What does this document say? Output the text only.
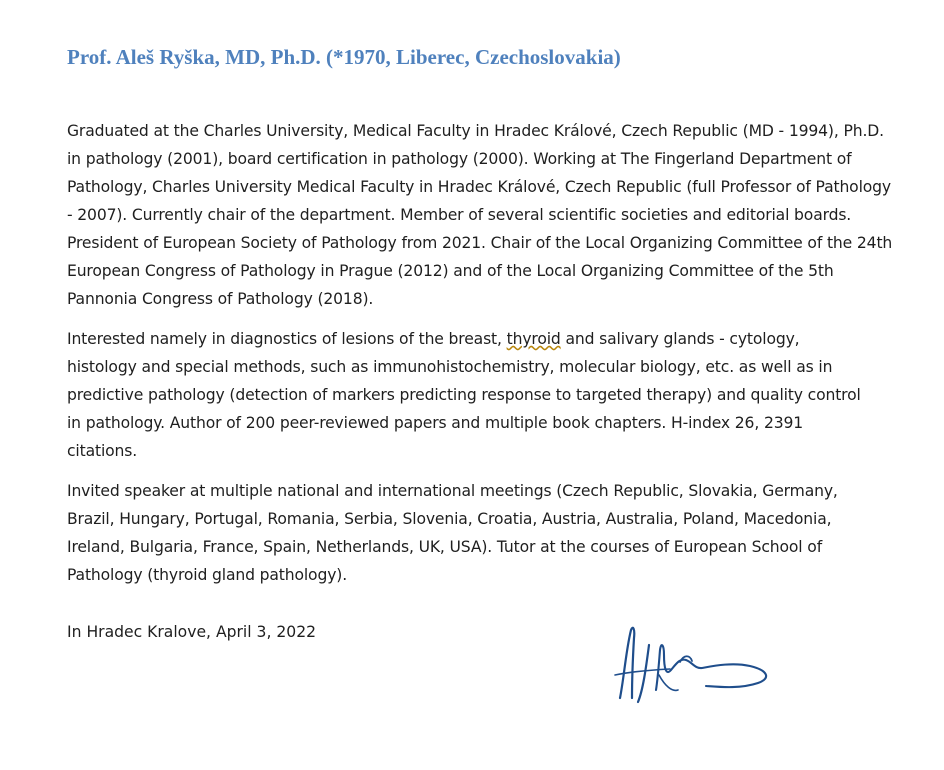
Prof. Aleš Ryška, MD, Ph.D. (*1970, Liberec, Czechoslovakia)

Graduated at the Charles University, Medical Faculty in Hradec Králové, Czech Republic (MD - 1994), Ph.D. in pathology (2001), board certification in pathology (2000). Working at The Fingerland Department of Pathology, Charles University Medical Faculty in Hradec Králové, Czech Republic (full Professor of Pathology - 2007). Currently chair of the department. Member of several scientific societies and editorial boards. President of European Society of Pathology from 2021. Chair of the Local Organizing Committee of the 24th European Congress of Pathology in Prague (2012) and of the Local Organizing Committee of the 5th Pannonia Congress of Pathology (2018).

Interested namely in diagnostics of lesions of the breast, thyroid and salivary glands - cytology, histology and special methods, such as immunohistochemistry, molecular biology, etc. as well as in predictive pathology (detection of markers predicting response to targeted therapy) and quality control in pathology. Author of 200 peer-reviewed papers and multiple book chapters. H-index 26, 2391 citations.

Invited speaker at multiple national and international meetings (Czech Republic, Slovakia, Germany, Brazil, Hungary, Portugal, Romania, Serbia, Slovenia, Croatia, Austria, Australia, Poland, Macedonia, Ireland, Bulgaria, France, Spain, Netherlands, UK, USA). Tutor at the courses of European School of Pathology (thyroid gland pathology).

In Hradec Kralove, April 3, 2022
